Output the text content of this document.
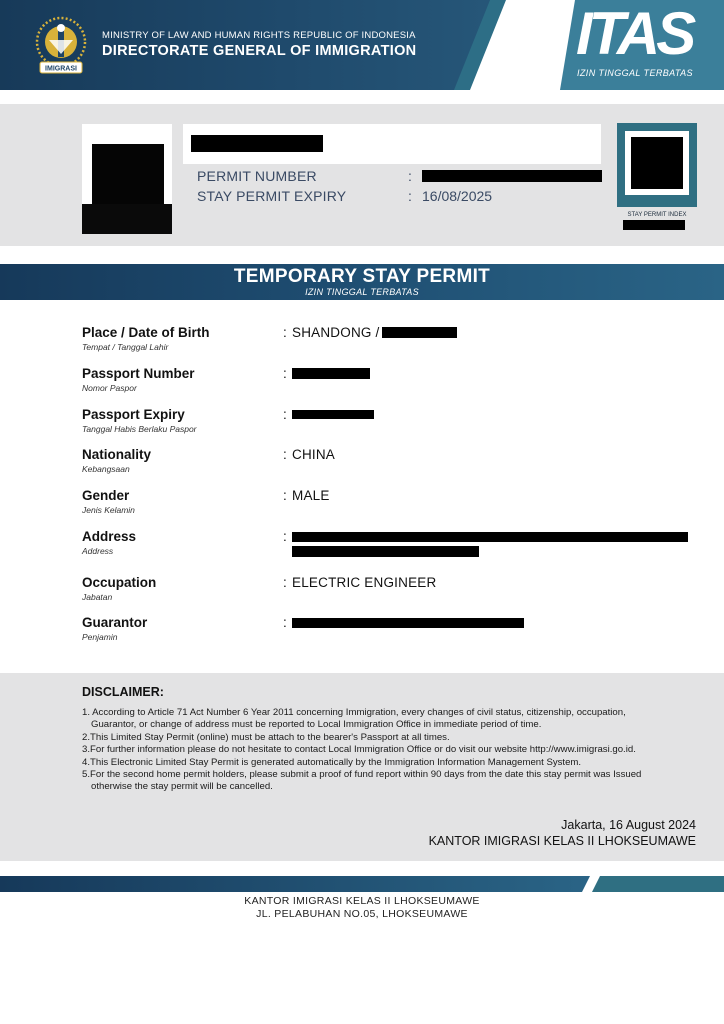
IMIGRASI
MINISTRY OF LAW AND HUMAN RIGHTS REPUBLIC OF INDONESIA
DIRECTORATE GENERAL OF IMMIGRATION	ITAS
IZIN TINGGAL TERBATAS
PERMIT NUMBER	:
STAY PERMIT EXPIRY	: 16/08/2025
STAY PERMIT INDEX
TEMPORARY STAY PERMIT
IZIN TINGGAL TERBATAS
Place / Date of Birth
Tempat / Tanggal Lahir
: SHANDONG /
Passport Number
Nomor Paspor
:
Passport Expiry
Tanggal Habis Berlaku Paspor
:
Nationality
Kebangsaan
: CHINA
Gender
Jenis Kelamin
: MALE
Address
Address
:
Occupation
Jabatan
: ELECTRIC ENGINEER
Guarantor
Penjamin
:
DISCLAIMER:
1. According to Article 71 Act Number 6 Year 2011 concerning Immigration, every changes of civil status, citizenship, occupation,
Guarantor, or change of address must be reported to Local Immigration Office in immediate period of time.
2.This Limited Stay Permit (online) must be attach to the bearer's Passport at all times.
3.For further information please do not hesitate to contact Local Immigration Office or do visit our website http://www.imigrasi.go.id.
4.This Electronic Limited Stay Permit is generated automatically by the Immigration Information Management System.
5.For the second home permit holders, please submit a proof of fund report within 90 days from the date this stay permit was Issued
otherwise the stay permit will be cancelled.
Jakarta, 16 August 2024
KANTOR IMIGRASI KELAS II LHOKSEUMAWE
KANTOR IMIGRASI KELAS II LHOKSEUMAWE
JL. PELABUHAN NO.05, LHOKSEUMAWE
